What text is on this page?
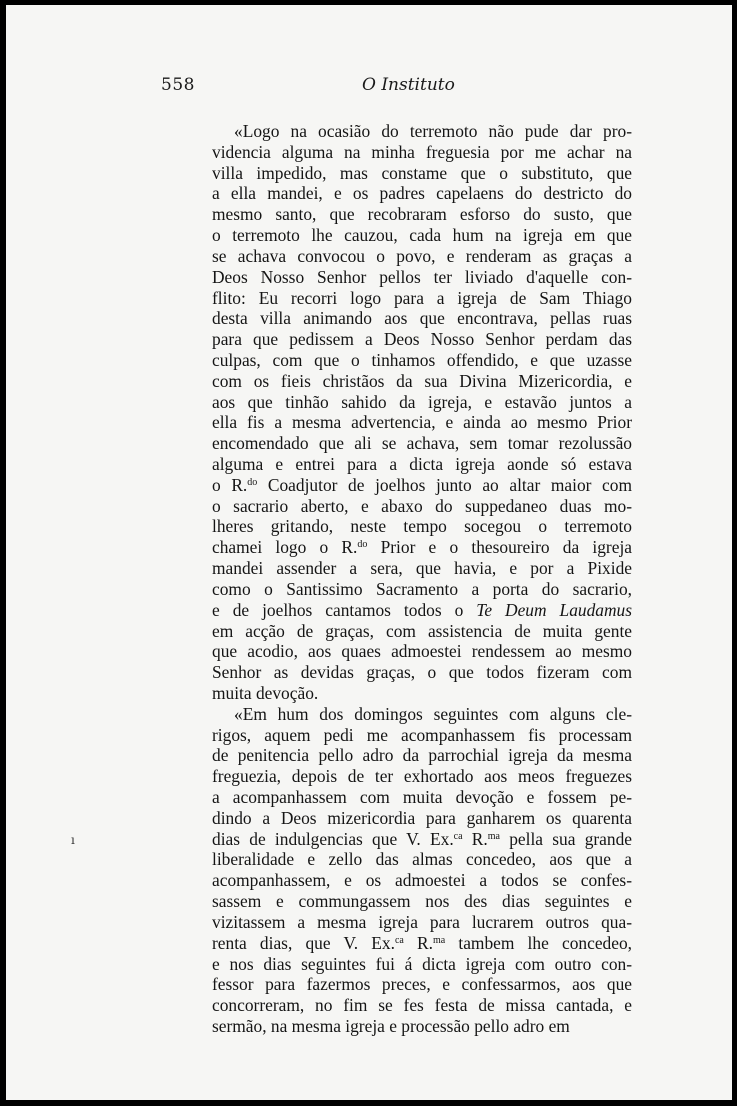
558	O Instituto
«Logo na ocasião do terremoto não pude dar pro-
videncia alguma na minha freguesia por me achar na
villa impedido, mas constame que o substituto, que
a ella mandei, e os padres capelaens do destricto do
mesmo santo, que recobraram esforso do susto, que
o terremoto lhe cauzou, cada hum na igreja em que
se achava convocou o povo, e renderam as graças a
Deos Nosso Senhor pellos ter liviado d'aquelle con-
flito: Eu recorri logo para a igreja de Sam Thiago
desta villa animando aos que encontrava, pellas ruas
para que pedissem a Deos Nosso Senhor perdam das
culpas, com que o tinhamos offendido, e que uzasse
com os fieis christãos da sua Divina Mizericordia, e
aos que tinhão sahido da igreja, e estavão juntos a
ella fis a mesma advertencia, e ainda ao mesmo Prior
encomendado que ali se achava, sem tomar rezolussão
alguma e entrei para a dicta igreja aonde só estava
o R.$^{do}$ Coadjutor de joelhos junto ao altar maior com
o sacrario aberto, e abaxo do suppedaneo duas mo-
lheres gritando, neste tempo socegou o terremoto
chamei logo o R.$^{do}$ Prior e o thesoureiro da igreja
mandei assender a sera, que havia, e por a Pixide
como o Santissimo Sacramento a porta do sacrario,
e de joelhos cantamos todos o Te Deum Laudamus
em acção de graças, com assistencia de muita gente
que acodio, aos quaes admoestei rendessem ao mesmo
Senhor as devidas graças, o que todos fizeram com
muita devoção.
«Em hum dos domingos seguintes com alguns cle-
rigos, aquem pedi me acompanhassem fis processam
de penitencia pello adro da parrochial igreja da mesma
freguezia, depois de ter exhortado aos meos freguezes
a acompanhassem com muita devoção e fossem pe-
dindo a Deos mizericordia para ganharem os quarenta
dias de indulgencias que V. Ex.$^{ca}$ R.$^{ma}$ pella sua grande
liberalidade e zello das almas concedeo, aos que a
acompanhassem, e os admoestei a todos se confes-
sassem e commungassem nos des dias seguintes e
vizitassem a mesma igreja para lucrarem outros qua-
renta dias, que V. Ex.$^{ca}$ R.$^{ma}$ tambem lhe concedeo,
e nos dias seguintes fui á dicta igreja com outro con-
fessor para fazermos preces, e confessarmos, aos que
concorreram, no fim se fes festa de missa cantada, e
sermão, na mesma igreja e processão pello adro em
ı
